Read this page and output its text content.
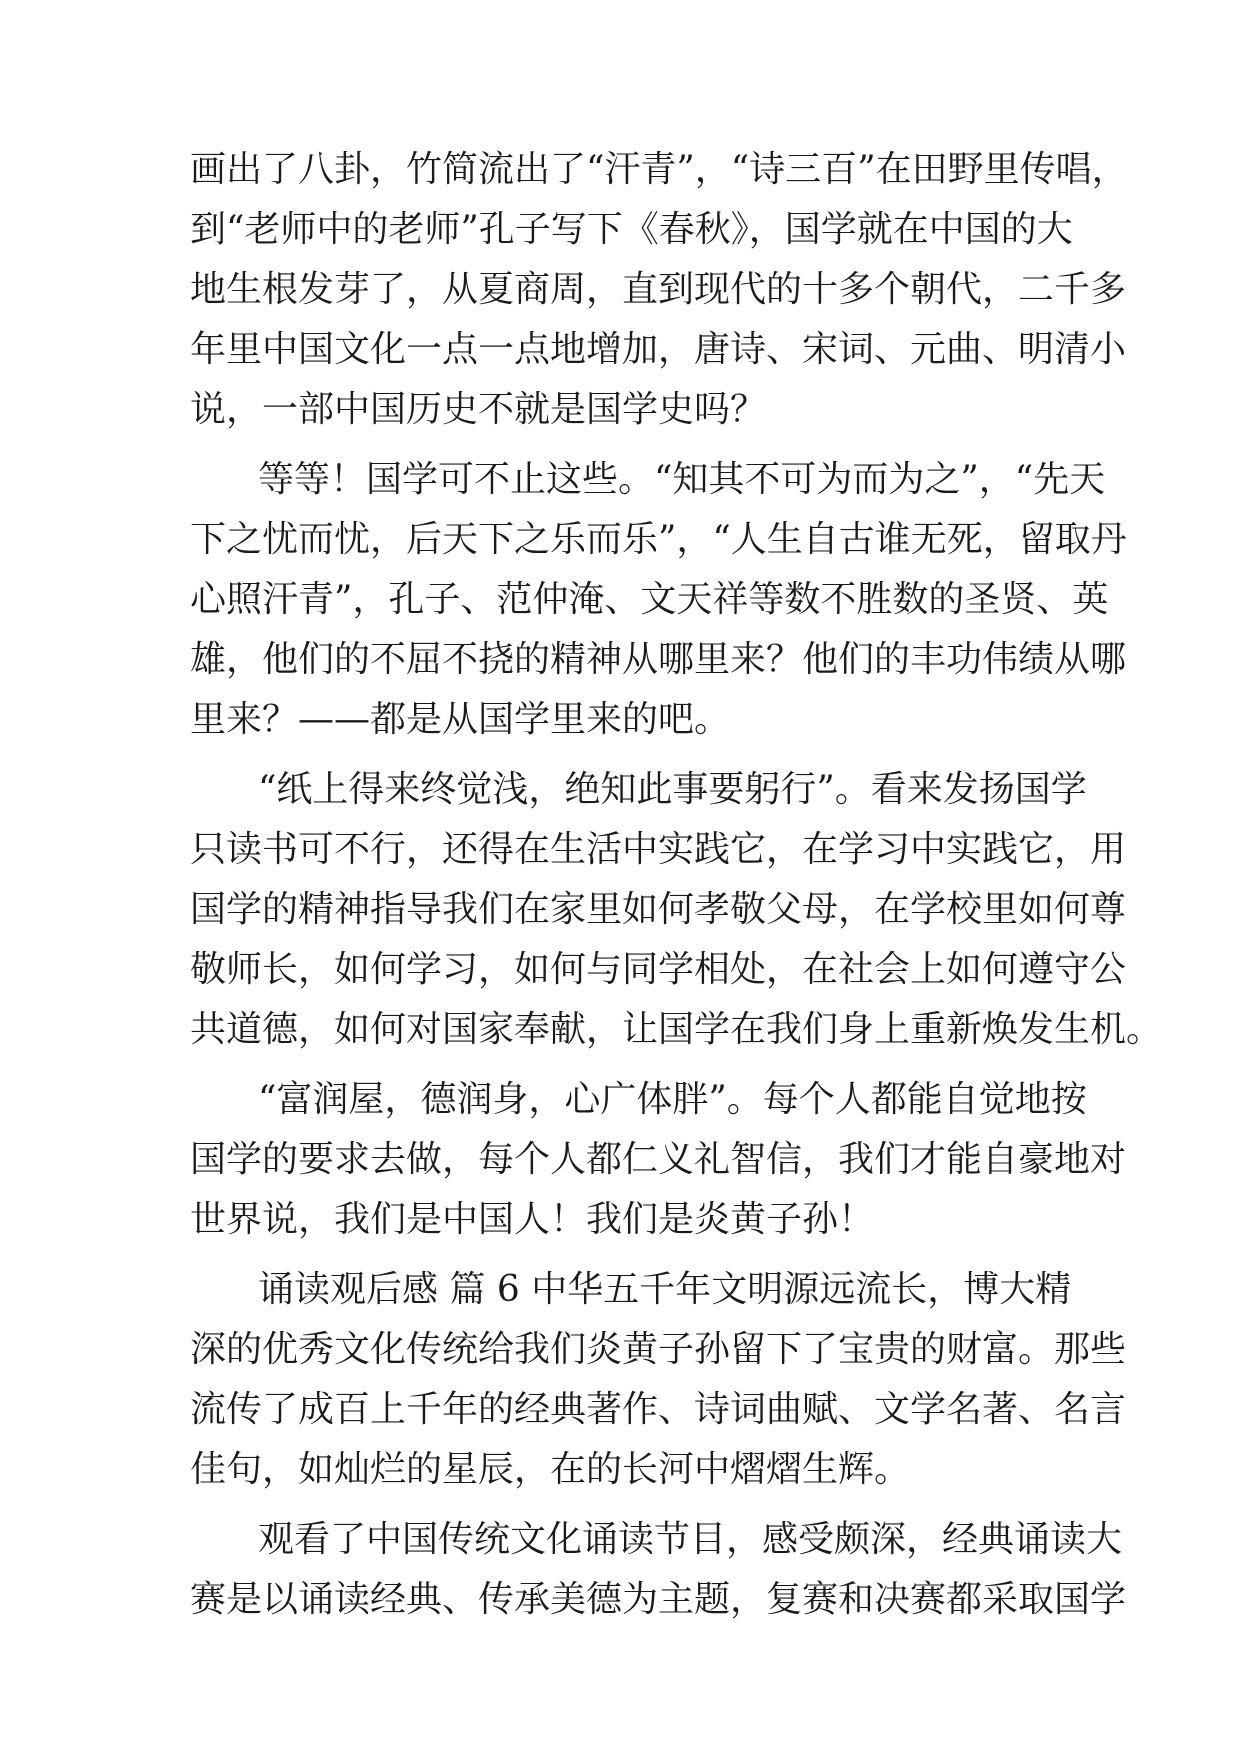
画出了八卦，竹简流出了“汗青”，“诗三百”在田野里传唱，
到“老师中的老师”孔子写下《春秋》，国学就在中国的大
地生根发芽了，从夏商周，直到现代的十多个朝代，二千多
年里中国文化一点一点地增加，唐诗、宋词、元曲、明清小
说，一部中国历史不就是国学史吗？
等等！国学可不止这些。“知其不可为而为之”，“先天
下之忧而忧，后天下之乐而乐”，“人生自古谁无死，留取丹
心照汗青”，孔子、范仲淹、文天祥等数不胜数的圣贤、英
雄，他们的不屈不挠的精神从哪里来？他们的丰功伟绩从哪
里来？——都是从国学里来的吧。
“纸上得来终觉浅，绝知此事要躬行”。看来发扬国学
只读书可不行，还得在生活中实践它，在学习中实践它，用
国学的精神指导我们在家里如何孝敬父母，在学校里如何尊
敬师长，如何学习，如何与同学相处，在社会上如何遵守公
共道德，如何对国家奉献，让国学在我们身上重新焕发生机。
“富润屋，德润身，心广体胖”。每个人都能自觉地按
国学的要求去做，每个人都仁义礼智信，我们才能自豪地对
世界说，我们是中国人！我们是炎黄子孙！
诵读观后感 篇 6 中华五千年文明源远流长，博大精
深的优秀文化传统给我们炎黄子孙留下了宝贵的财富。那些
流传了成百上千年的经典著作、诗词曲赋、文学名著、名言
佳句，如灿烂的星辰，在的长河中熠熠生辉。
观看了中国传统文化诵读节目，感受颇深，经典诵读大
赛是以诵读经典、传承美德为主题，复赛和决赛都采取国学
